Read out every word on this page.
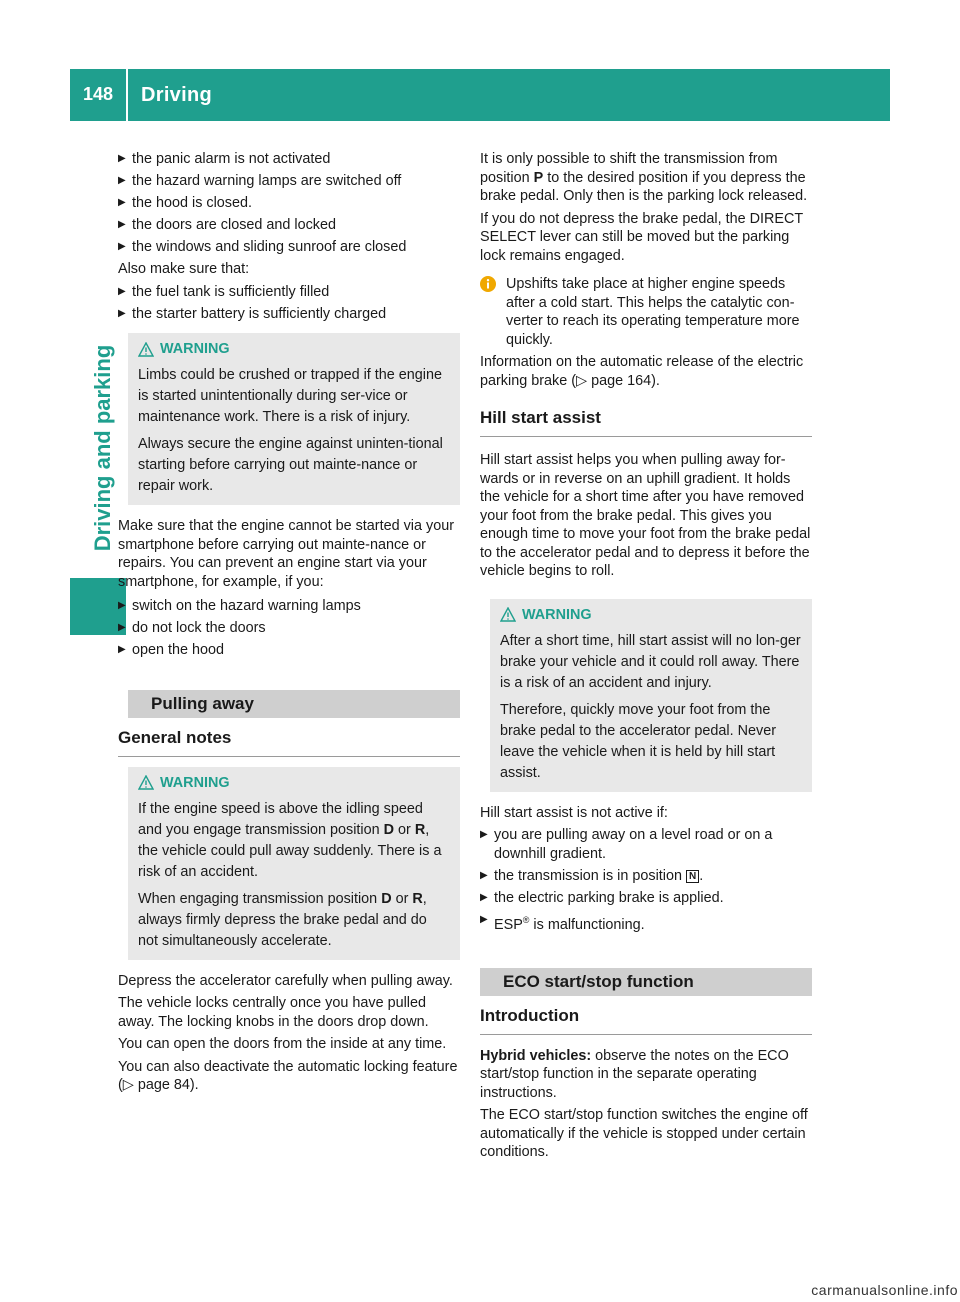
148	Driving
Driving and parking
▶ the panic alarm is not activated
▶ the hazard warning lamps are switched off
▶ the hood is closed.
▶ the doors are closed and locked
▶ the windows and sliding sunroof are closed

Also make sure that:

▶ the fuel tank is sufficiently filled
▶ the starter battery is sufficiently charged
WARNING

Limbs could be crushed or trapped if the engine is started unintentionally during ser-vice or maintenance work. There is a risk of injury.

Always secure the engine against uninten-tional starting before carrying out mainte-nance or repair work.

Make sure that the engine cannot be started via your smartphone before carrying out mainte-nance or repairs. You can prevent an engine start via your smartphone, for example, if you:

▶ switch on the hazard warning lamps
▶ do not lock the doors
▶ open the hood
Pulling away
General notes
WARNING

If the engine speed is above the idling speed and you engage transmission position D or R, the vehicle could pull away suddenly. There is a risk of an accident.

When engaging transmission position D or R, always firmly depress the brake pedal and do not simultaneously accelerate.

Depress the accelerator carefully when pulling away.

The vehicle locks centrally once you have pulled away. The locking knobs in the doors drop down.

You can open the doors from the inside at any time.

You can also deactivate the automatic locking feature (▷ page 84).

It is only possible to shift the transmission from position P to the desired position if you depress the brake pedal. Only then is the parking lock released.

If you do not depress the brake pedal, the DIRECT SELECT lever can still be moved but the parking lock remains engaged.

Upshifts take place at higher engine speeds after a cold start. This helps the catalytic con-verter to reach its operating temperature more quickly.

Information on the automatic release of the electric parking brake (▷ page 164).

Hill start assist

Hill start assist helps you when pulling away for-wards or in reverse on an uphill gradient. It holds the vehicle for a short time after you have removed your foot from the brake pedal. This gives you enough time to move your foot from the brake pedal to the accelerator pedal and to depress it before the vehicle begins to roll.

WARNING

After a short time, hill start assist will no lon-ger brake your vehicle and it could roll away. There is a risk of an accident and injury.

Therefore, quickly move your foot from the brake pedal to the accelerator pedal. Never leave the vehicle when it is held by hill start assist.

Hill start assist is not active if:

▶ you are pulling away on a level road or on a downhill gradient.
▶ the transmission is in position N .
▶ the electric parking brake is applied.
▶ ESP® is malfunctioning.
ECO start/stop function
Introduction

Hybrid vehicles: observe the notes on the ECO start/stop function in the separate operating instructions.

The ECO start/stop function switches the engine off automatically if the vehicle is stopped under certain conditions.

carmanualsonline.info
